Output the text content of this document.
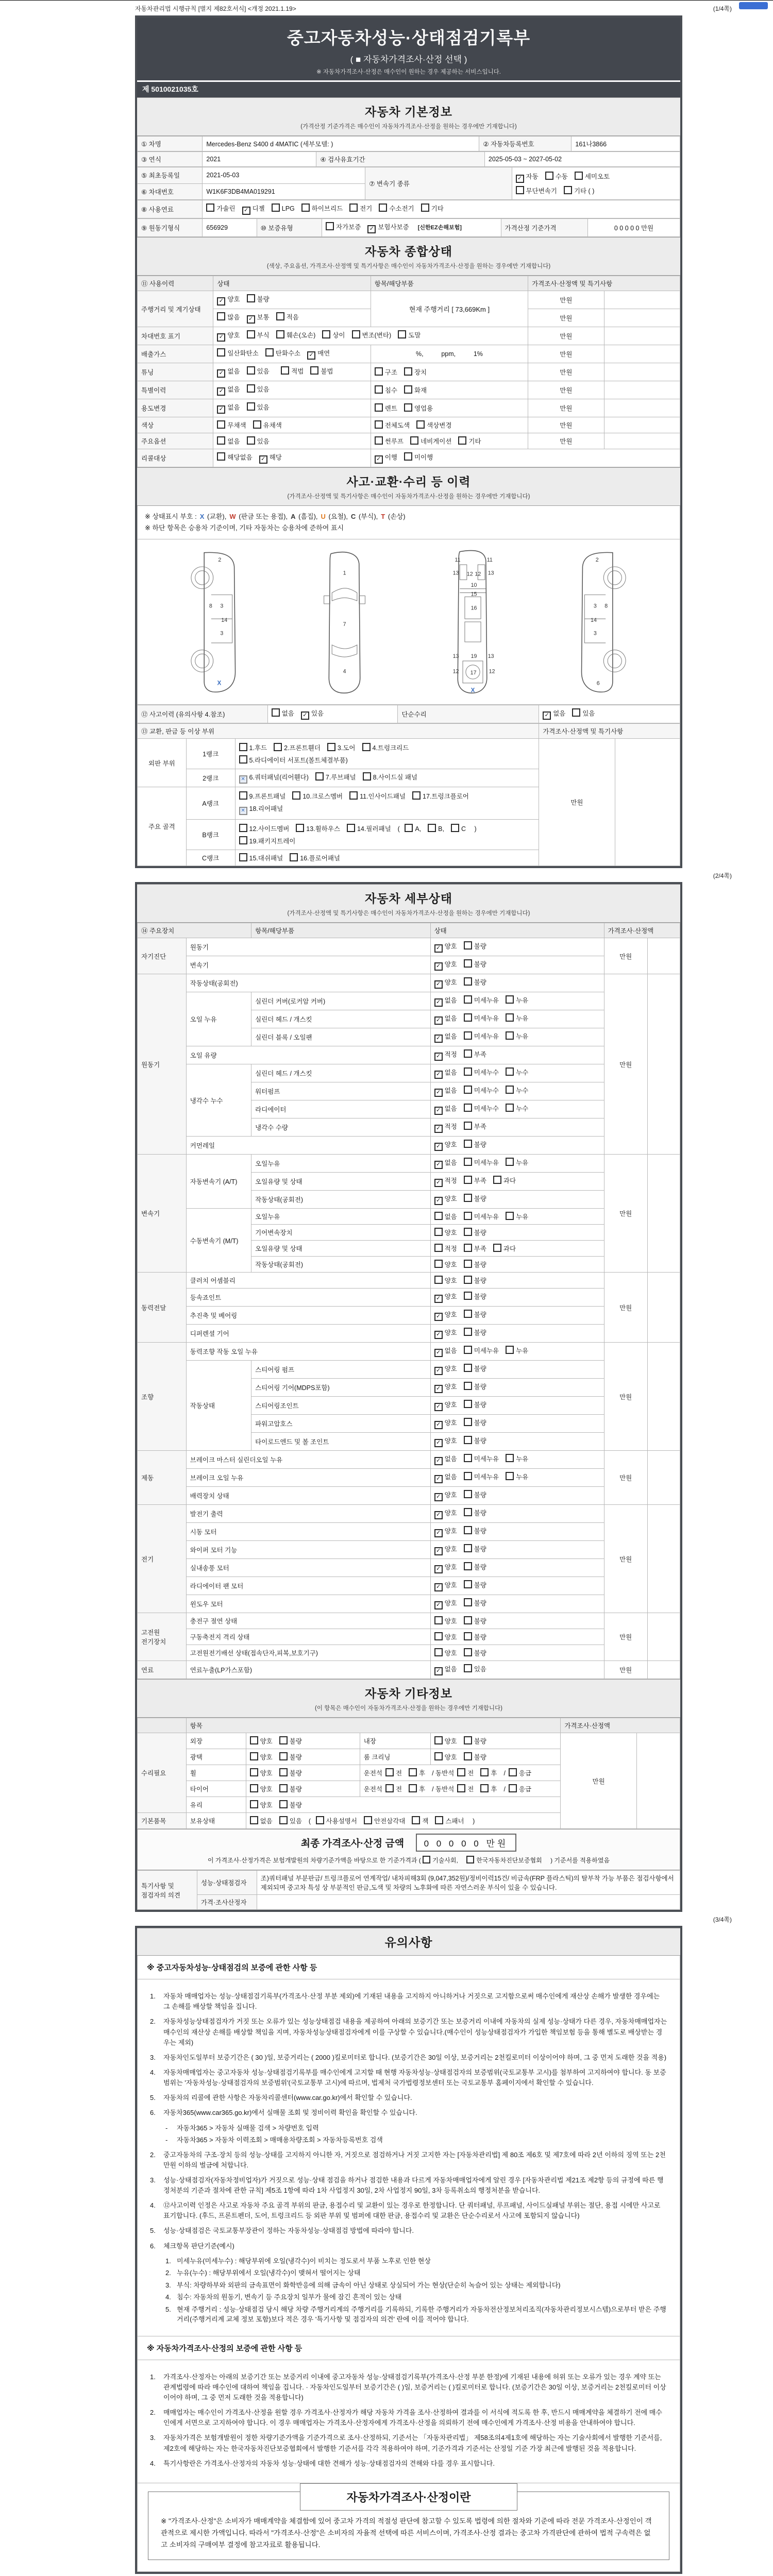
자동차관리법 시행규칙 [별지 제82호서식] <개정 2021.1.19>	(1/4쪽)
중고자동차성능·상태점검기록부
( ■ 자동차가격조사·산정 선택 )
※ 자동차가격조사·산정은 매수인이 원하는 경우 제공하는 서비스입니다.
제 5010021035호
자동차 기본정보
(가격산정 기준가격은 매수인이 자동차가격조사·산정을 원하는 경우에만 기재합니다)
① 차명	Mercedes-Benz S400 d 4MATIC (세부모델: )	② 자동차등록번호	161나3866
③ 연식	2021	④ 검사유효기간	2025-05-03 ~ 2027-05-02
⑤ 최초등록일	2021-05-03	⑦ 변속기 종류	✓ 자동 수동 세미오토
무단변속기 기타 ( )

⑥ 차대번호	W1K6F3DB4MA019291		
⑧ 사용연료	가솔린 ✓ 디젤	LPG	하이브리드	전기	수소전기	기타
⑨ 원동기형식	656929	⑩ 보증유형	자가보증 ✓ 보험사보증 [신한EZ손해보험]	가격산정 기준가격	0 0 0 0 0 만원
자동차 종합상태
(색상, 주요옵션, 가격조사·산정액 및 특기사항은 매수인이 자동차가격조사·산정을 원하는 경우에만 기재합니다)
⑪ 사용이력	상태	항목/해당부품	가격조사·산정액 및 특기사항	
주행거리 및 계기상태	✓ 양호 불량	현재 주행거리 [ 73,669Km ]	만원	
	많음 ✓ 보통 적음		만원	
차대번호 표기	✓ 양호 부식 훼손(오손) 상이 변조(변타) 도말		만원	
배출가스	일산화탄소 탄화수소 ✓ 매연	%,          ppm,          1%	만원	
튜닝	✓ 없음 있음 적법 불법	구조 장치	만원	
특별이력	✓ 없음 있음	침수 화재	만원	
용도변경	✓ 없음 있음	렌트 영업용	만원	
색상	무채색 유채색	전체도색 색상변경	만원	
주요옵션	없음 있음	썬루프 네비게이션 기타	만원	
리콜대상	해당없음 ✓ 해당	✓ 이행 미이행		
사고·교환·수리 등 이력
(가격조사·산정액 및 특기사항은 매수인이 자동차가격조사·산정을 원하는 경우에만 기재합니다)
※ 상태표시 부호 : X (교환), W (판금 또는 용접), A (흠집), U (요철), C (부식), T (손상)
※ 하단 항목은 승용차 기준이며, 기타 자동차는 승용차에 준하여 표시
2
8 3
14
3
X
1
7
4
11	11
13	13
12 12
10
15
16
13	13
19
12	12
17
X
2
8
3
14
3
6
⑫ 사고이력 (유의사항 4.참조)	없음 ✓ 있음	단순수리	✓ 없음	있음
⑬ 교환, 판금 등 이상 부위			가격조사·산정액 및 특기사항	
외판 부위	1랭크	1.후드 2.프론트휀더 3.도어 4.트렁크리드
5.라디에이터 서포트(볼트체결부품)	만원	
	2랭크	✕ 6.쿼터패널(리어휀다) 7.루브패널 8.사이드실 패널		
주요 골격	A랭크	9.프론트패널 10.크로스멤버 11.인사이드패널 17.트렁크플로어
✕ 18.리어패널		

	B랭크	12.사이드멤버 13.휠하우스 14.필러패널 ( A, B, C )
19.패키지트레이		

	C랭크	15.대쉬패널 16.플로어패널		
(2/4쪽)
자동차 세부상태
(가격조사·산정액 및 특기사항은 매수인이 자동차가격조사·산정을 원하는 경우에만 기재합니다)
⑭ 주요장치		항목/해당부품	상태	가격조사·산정액	
자기진단	원동기		✓ 양호 불량	만원	
	변속기		✓ 양호 불량		
원동기	작동상태(공회전)		✓ 양호 불량	만원	
	오일 누유	실린더 커버(로커암 커버)	✓ 없음 미세누유 누유		
		실린더 헤드 / 개스킷	✓ 없음 미세누유 누유		
		실린더 블록 / 오일팬	✓ 없음 미세누유 누유		
	오일 유량		✓ 적정 부족		
	냉각수 누수	실린더 헤드 / 개스킷	✓ 없음 미세누수 누수		
		워터펌프	✓ 없음 미세누수 누수		
		라디에이터	✓ 없음 미세누수 누수		
		냉각수 수량	✓ 적정 부족		
	커먼레일		✓ 양호 불량		
변속기	자동변속기 (A/T)	오일누유	✓ 없음 미세누유 누유	만원	
		오일유량 및 상태	✓ 적정 부족 과다		
		작동상태(공회전)	✓ 양호 불량		
	수동변속기 (M/T)	오일누유	없음 미세누유 누유		
		기어변속장치	양호 불량		
		오일유량 및 상태	적정 부족 과다		
		작동상태(공회전)	양호 불량		
동력전달	클러치 어셈블리		양호 불량	만원	
	등속죠인트		✓ 양호 불량		
	추진축 및 베어링		✓ 양호 불량		
	디퍼렌셜 기어		✓ 양호 불량		
조향	동력조향 작동 오일 누유		✓ 없음 미세누유 누유	만원	
	작동상태	스티어링 펌프	✓ 양호 불량		
		스티어링 기어(MDPS포함)	✓ 양호 불량		
		스티어링조인트	✓ 양호 불량		
		파워고압호스	✓ 양호 불량		
		타이로드엔드 및 볼 조인트	✓ 양호 불량		
제동	브레이크 마스터 실린더오일 누유		✓ 없음 미세누유 누유	만원	
	브레이크 오일 누유		✓ 없음 미세누유 누유		
	배력장치 상태		✓ 양호 불량		
전기	발전기 출력		✓ 양호 불량	만원	
	시동 모터		✓ 양호 불량		
	와이퍼 모터 기능		✓ 양호 불량		
	실내송풍 모터		✓ 양호 불량		
	라디에이터 팬 모터		✓ 양호 불량		
	윈도우 모터		✓ 양호 불량		
고전원 전기장치	충전구 절연 상태		양호 불량	만원	
	구동축전지 격리 상태		양호 불량		
	고전원전기배선 상태(접속단자,피복,보호기구)		양호 불량		
연료	연료누출(LP가스포함)		✓ 없음 있음	만원	
자동차 기타정보
(이 항목은 매수인이 자동차가격조사·산정을 원하는 경우에만 기재합니다)
	항목				가격조사·산정액	
수리필요	외장	양호 불량	내장	양호 불량	만원	
	광택	양호 불량	룸 크리닝	양호 불량		
	휠	양호 불량	운전석 전 후 / 동반석 전 후 / 응급			
	타이어	양호 불량	운전석 전 후 / 동반석 전 후 / 응급			
	유리	양호 불량				
기본품목	보유상태	없음 있음 ( 사용설명서 안전삼각대 잭 스패너 )				
최종 가격조사·산정 금액 0 0 0 0 0 만원
이 가격조사·산정가격은 보험개발원의 차량기준가액을 바탕으로 한 기준가격과 ( 기술사회,	한국자동차진단보증협회 ) 기준서를 적용하였음
특기사항 및 점검자의 의견	성능·상태점검자	조)쿼터패널 부분판금/ 트렁크플로어 연계작업/ 내차피해3회 (9,047,352원)/정비이력15건/ 비금속(FRP 플라스틱)의 탈부착 가능 부품은 점검사항에서 제외되며 중고차 특성 상 부분적인 판금,도색 및 차량의 노후화에 따른 자연스러운 부식이 있을 수 있습니다.
	가격·조사산정자	
(3/4쪽)
유의사항
※ 중고자동차성능·상태점검의 보증에 관한 사항 등
1.	자동차 매매업자는 성능·상태점검기록부(가격조사·산정 부분 제외)에 기재된 내용을 고지하지 아니하거나 거짓으로 고지함으로써 매수인에게 재산상 손해가 발생한 경우에는 그 손해를 배상할 책임을 집니다.
2.	자동차성능상태점검자가 거짓 또는 오류가 있는 성능상태점검 내용을 제공하여 아래의 보증기간 또는 보증거리 이내에 자동차의 실제 성능·상태가 다른 경우, 자동차매매업자는 매수인의 재산상 손해를 배상할 책임을 지며, 자동차성능상태점검자에게 이를 구상할 수 있습니다.(매수인이 성능상태점검자가 가입한 책임보험 등을 통해 별도로 배상받는 경우는 제외)
3.	자동차인도일부터 보증기간은 ( 30 )일, 보증거리는 ( 2000 )킬로미터로 합니다. (보증기간은 30일 이상, 보증거리는 2천킬로미터 이상이어야 하며, 그 중 먼저 도래한 것을 적용)
4.	자동차매매업자는 중고자동차 성능·상태점검기록부를 매수인에게 고지할 때 현행 자동차성능·상태점검자의 보증범위(국토교통부 고시)를 첨부하여 고지하여야 합니다. 동 보증범위는 '자동차성능·상태점검자의 보증범위'(국토교통부 고시)에 따르며, 법제처 국가법령정보센터 또는 국토교통부 홈페이지에서 확인할 수 있습니다.
5.	자동차의 리콜에 관한 사항은 자동차리콜센터(www.car.go.kr)에서 확인할 수 있습니다.
6.	자동차365(www.car365.go.kr)에서 실매물 조회 및 정비이력 확인을 확인할 수 있습니다.
-	자동차365 > 자동차 실매물 검색 > 차량번호 입력
-	자동차365 > 자동차 이력조회 > 매매용차량조회 > 자동차등록번호 검색
2.	중고자동차의 구조·장치 등의 성능·상태를 고지하지 아니한 자, 거짓으로 점검하거나 거짓 고지한 자는 [자동차관리법] 제 80조 제6호 및 제7호에 따라 2년 이하의 징역 또는 2천만원 이하의 벌금에 처합니다.
3.	성능·상태점검자(자동차정비업자)가 거짓으로 성능·상태 점검을 하거나 점검한 내용과 다르게 자동차매매업자에게 알린 경우 [자동차관리법 제21조 제2항 등의 규정에 따른 행정처분의 기준과 절차에 관한 규칙] 제5조 1항에 따라 1차 사업정지 30일, 2차 사업정지 90일, 3차 등록취소의 행정처분을 받습니다.
4.	⑫사고이력 인정은 사고로 자동차 주요 골격 부위의 판금, 용접수리 및 교환이 있는 경우로 한정합니다. 단 쿼터패널, 루프패널, 사이드실패널 부위는 절단, 용접 시에만 사고로 표기합니다. (후드, 프론트펜더, 도어, 트렁크리드 등 외판 부위 및 범퍼에 대한 판금, 용접수리 및 교환은 단순수리로서 사고에 포함되지 않습니다)
5.	성능·상태점검은 국토교통부장관이 정하는 자동차성능·상태점검 방법에 따라야 합니다.
6.	체크항목 판단기준(예시)
1. 미세누유(미세누수) : 해당부위에 오일(냉각수)이 비치는 정도로서 부품 노후로 인한 현상
2. 누유(누수) : 해당부위에서 오일(냉각수)이 맺혀서 떨어지는 상태
3. 부식: 차량하부와 외판의 금속표면이 화학반응에 의해 금속이 아닌 상태로 상실되어 가는 현상(단순히 녹슬어 있는 상태는 제외합니다)
4. 침수: 자동차의 원동기, 변속기 등 주요장치 일부가 물에 잠긴 흔적이 있는 상태
5. 현재 주행거리 : 성능·상태점검 당시 해당 차량 주행거리계의 주행거리를 기록하되, 기록한 주행거리가 자동차전산정보처리조직(자동차관리정보시스템)으로부터 받은 주행거리(주행거리계 교체 정보 포함)보다 적은 경우 '특기사항 및 점검자의 의견' 란에 이를 적어야 합니다.
※ 자동차가격조사·산정의 보증에 관한 사항 등
1.	가격조사·산정자는 아래의 보증기간 또는 보증거리 이내에 중고자동차 성능·상태점검기록부(가격조사·산정 부분 한정)에 기재된 내용에 허위 또는 오류가 있는 경우 계약 또는 관계법령에 따라 매수인에 대하여 책임을 집니다. · 자동차인도일부터 보증기간은 ( )일, 보증거리는 ( )킬로미터로 합니다. (보증기간은 30일 이상, 보증거리는 2천킬로미터 이상이어야 하며, 그 중 먼저 도래한 것을 적용합니다)
2.	매매업자는 매수인이 가격조사·산정을 원할 경우 가격조사·산정자가 해당 자동차 가격을 조사·산정하여 결과를 이 서식에 적도록 한 후, 반드시 매매계약을 체결하기 전에 매수인에게 서면으로 고지하여야 합니다. 이 경우 매매업자는 가격조사·산정자에게 가격조사·산정을 의뢰하기 전에 매수인에게 가격조사·산정 비용을 안내하여야 합니다.
3.	자동차가격은 보험개발원이 정한 차량기준가액을 기준가격으로 조사·산정하되, 기준서는 「자동차관리법」 제58조의4제1호에 해당하는 자는 기술사회에서 발행한 기준서를, 제2호에 해당하는 자는 한국자동차진단보증협회에서 발행한 기준서를 각각 적용하여야 하며, 기준가격과 기준서는 산정일 기준 가장 최근에 발행된 것을 적용합니다.
4.	특기사항란은 가격조사·산정자의 자동차 성능·상태에 대한 견해가 성능·상태점검자의 견해와 다를 경우 표시합니다.
자동차가격조사·산정이란
※ "가격조사·산정"은 소비자가 매매계약을 체결함에 있어 중고차 가격의 적절성 판단에 참고할 수 있도록 법령에 의한 절차와 기준에 따라 전문 가격조사·산정인이 객관적으로 제시한 가액입니다. 따라서 "가격조사·산정"은 소비자의 자율적 선택에 따른 서비스이며, 가격조사·산정 결과는 중고차 가격판단에 관하여 법적 구속력은 없고 소비자의 구매여부 결정에 참고자료로 활용됩니다.
